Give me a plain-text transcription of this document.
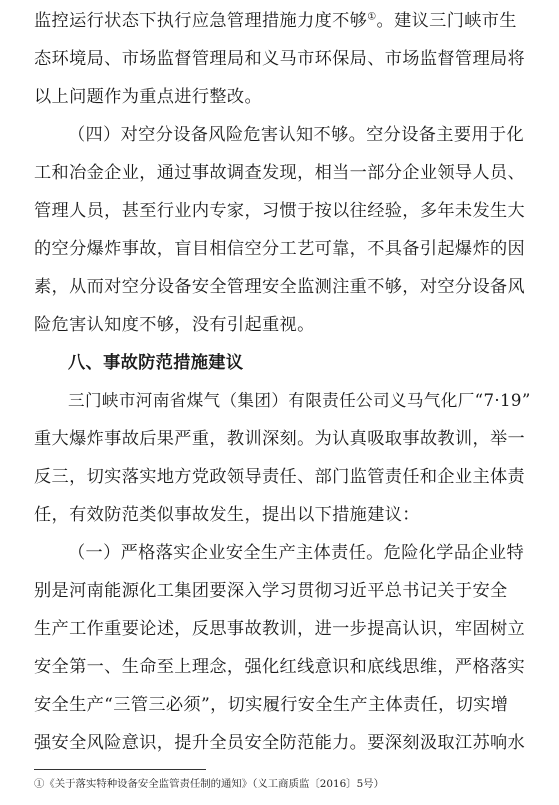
监控运行状态下执行应急管理措施力度不够①。建议三门峡市生
态环境局、市场监督管理局和义马市环保局、市场监督管理局将
以上问题作为重点进行整改。
（四）对空分设备风险危害认知不够。空分设备主要用于化
工和冶金企业，通过事故调查发现，相当一部分企业领导人员、
管理人员，甚至行业内专家，习惯于按以往经验，多年未发生大
的空分爆炸事故，盲目相信空分工艺可靠，不具备引起爆炸的因
素，从而对空分设备安全管理安全监测注重不够，对空分设备风
险危害认知度不够，没有引起重视。
八、事故防范措施建议
三门峡市河南省煤气（集团）有限责任公司义马气化厂“7·19”
重大爆炸事故后果严重，教训深刻。为认真吸取事故教训，举一
反三，切实落实地方党政领导责任、部门监管责任和企业主体责
任，有效防范类似事故发生，提出以下措施建议：
（一）严格落实企业安全生产主体责任。危险化学品企业特
别是河南能源化工集团要深入学习贯彻习近平总书记关于安全
生产工作重要论述，反思事故教训，进一步提高认识，牢固树立
安全第一、生命至上理念，强化红线意识和底线思维，严格落实
安全生产“三管三必须”，切实履行安全生产主体责任，切实增
强安全风险意识，提升全员安全防范能力。要深刻汲取江苏响水
①《关于落实特种设备安全监管责任制的通知》（义工商质监〔2016〕5号）
